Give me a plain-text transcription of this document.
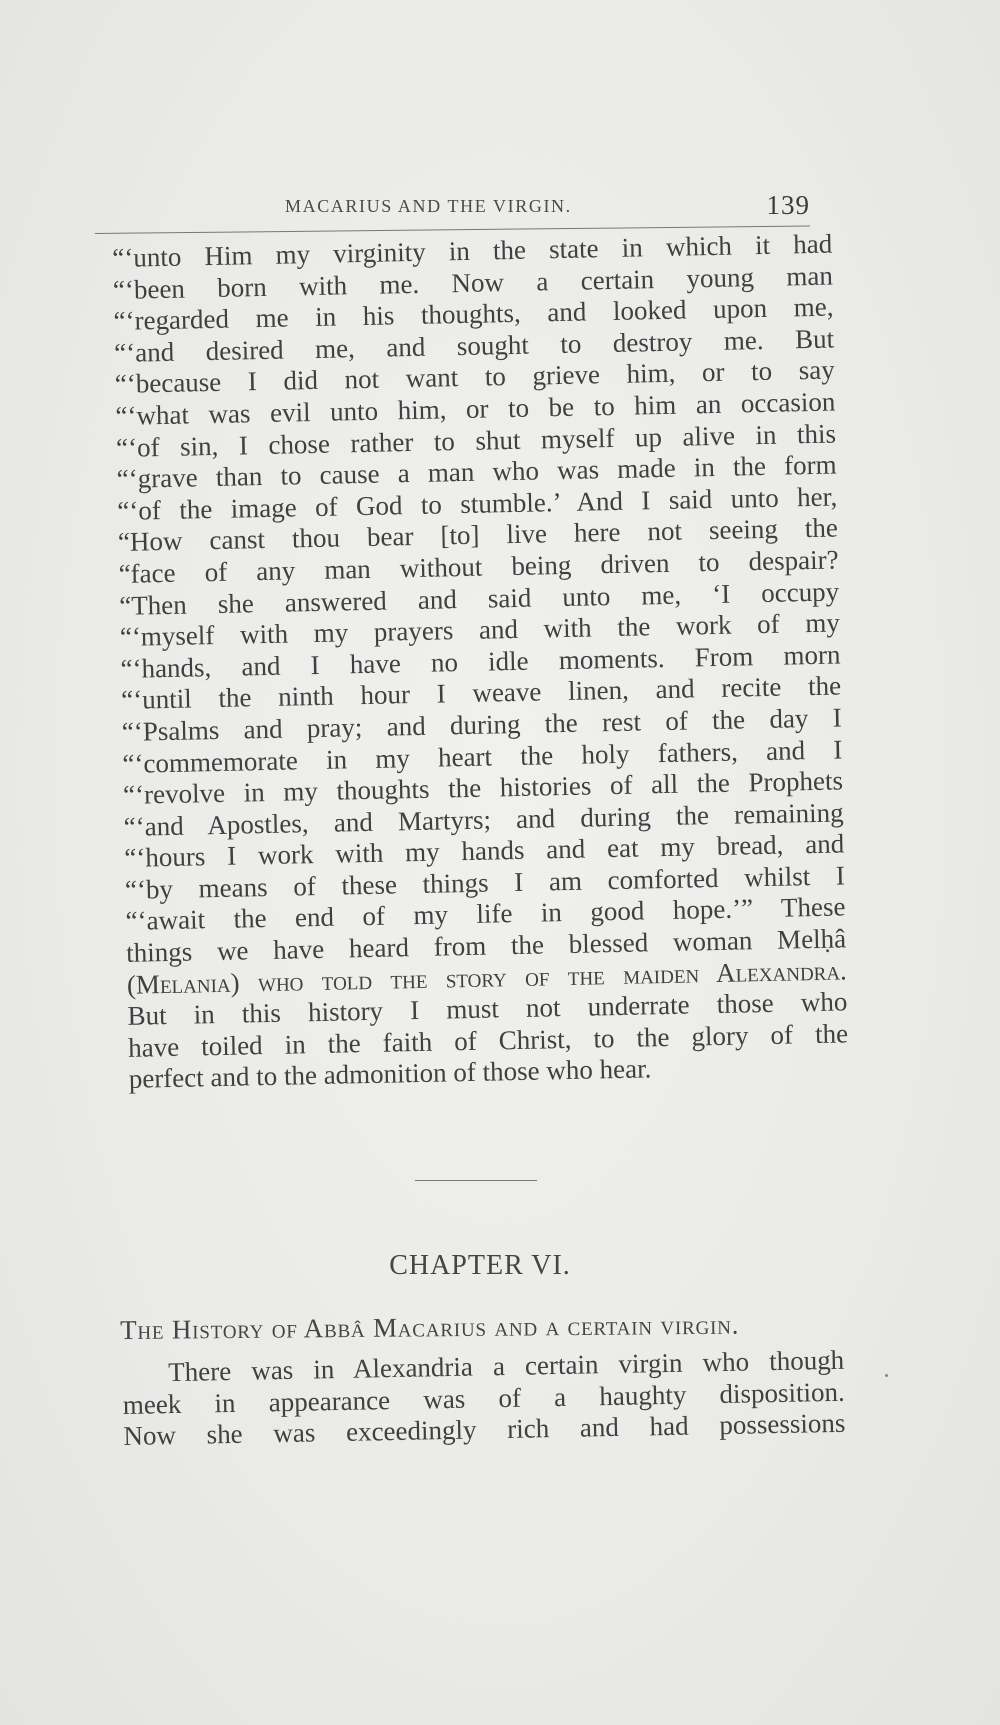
MACARIUS AND THE VIRGIN.	139
“‘unto Him my virginity in the state in which it had
“‘been born with me. Now a certain young man
“‘regarded me in his thoughts, and looked upon me,
“‘and desired me, and sought to destroy me. But
“‘because I did not want to grieve him, or to say
“‘what was evil unto him, or to be to him an occasion
“‘of sin, I chose rather to shut myself up alive in this
“‘grave than to cause a man who was made in the form
“‘of the image of God to stumble.’ And I said unto her,
“How canst thou bear [to] live here not seeing the
“face of any man without being driven to despair?
“Then she answered and said unto me, ‘I occupy
“‘myself with my prayers and with the work of my
“‘hands, and I have no idle moments. From morn
“‘until the ninth hour I weave linen, and recite the
“‘Psalms and pray; and during the rest of the day I
“‘commemorate in my heart the holy fathers, and I
“‘revolve in my thoughts the histories of all the Prophets
“‘and Apostles, and Martyrs; and during the remaining
“‘hours I work with my hands and eat my bread, and
“‘by means of these things I am comforted whilst I
“‘await the end of my life in good hope.’” These
things we have heard from the blessed woman Melḥâ
(Melania) who told the story of the maiden Alexandra.
But in this history I must not underrate those who
have toiled in the faith of Christ, to the glory of the
perfect and to the admonition of those who hear.
CHAPTER VI.
The History of Abbâ Macarius and a certain virgin.
There was in Alexandria a certain virgin who though
meek in appearance was of a haughty disposition.
Now she was exceedingly rich and had possessions
